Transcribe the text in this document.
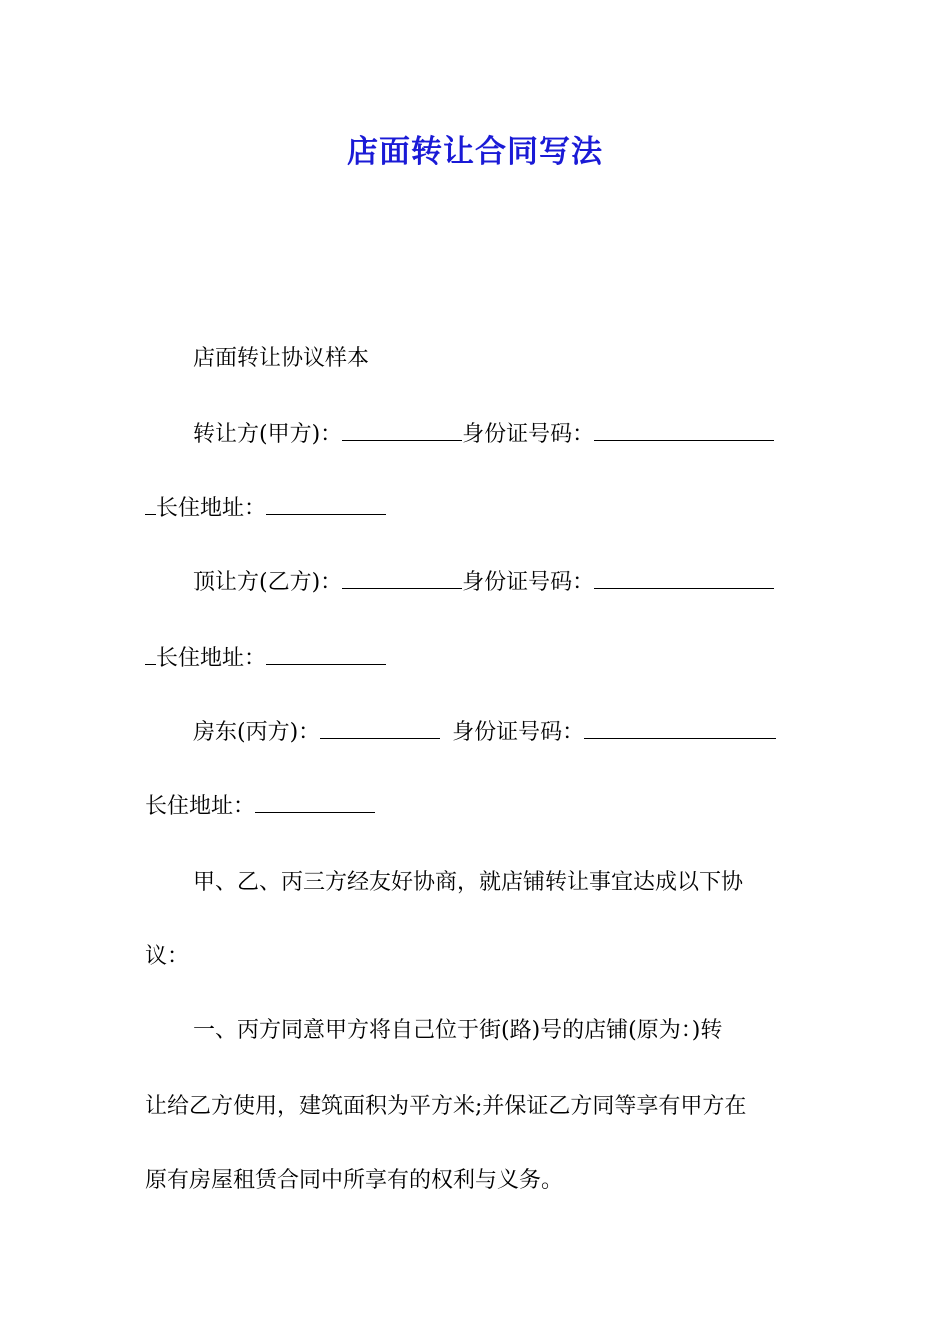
店面转让合同写法
店面转让协议样本
转让方(甲方)：	身份证号码：
长住地址：
顶让方(乙方)：	身份证号码：
长住地址：
房东(丙方)：	身份证号码：
长住地址：
甲、乙、丙三方经友好协商，就店铺转让事宜达成以下协
议：
一、丙方同意甲方将自己位于街(路)号的店铺(原为：)转
让给乙方使用，建筑面积为平方米;并保证乙方同等享有甲方在
原有房屋租赁合同中所享有的权利与义务。
